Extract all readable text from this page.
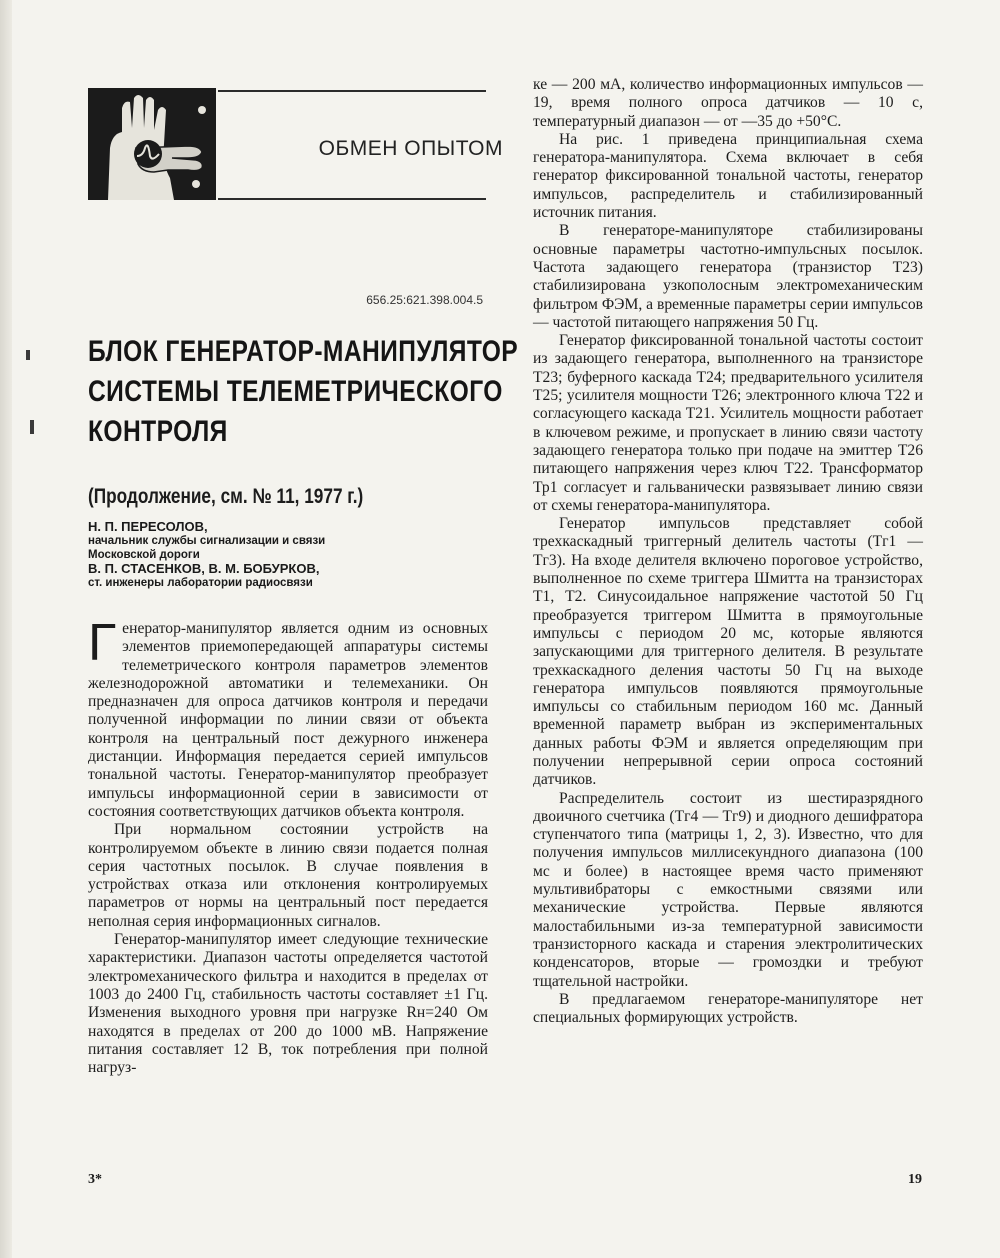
ОБМЕН ОПЫТОМ
656.25:621.398.004.5
БЛОК ГЕНЕРАТОР-МАНИПУЛЯТОР
СИСТЕМЫ ТЕЛЕМЕТРИЧЕСКОГО
КОНТРОЛЯ
(Продолжение, см. № 11, 1977 г.)
Н. П. ПЕРЕСОЛОВ,
начальник службы сигнализации и связи
Московской дороги
В. П. СТАСЕНКОВ, В. М. БОБУРКОВ,
ст. инженеры лаборатории радиосвязи

Генератор-манипулятор является одним из основных элементов приемопередающей аппаратуры системы телеметрического контроля параметров элементов железнодорожной автоматики и телемеханики. Он предназначен для опроса датчиков контроля и передачи полученной информации по линии связи от объекта контроля на центральный пост дежурного инженера дистанции. Информация передается серией импульсов тональной частоты. Генератор-манипулятор преобразует импульсы информационной серии в зависимости от состояния соответствующих датчиков объекта контроля.

При нормальном состоянии устройств на контролируемом объекте в линию связи подается полная серия частотных посылок. В случае появления в устройствах отказа или отклонения контролируемых параметров от нормы на центральный пост передается неполная серия информационных сигналов.

Генератор-манипулятор имеет следующие технические характеристики. Диапазон частоты определяется частотой электромеханического фильтра и находится в пределах от 1003 до 2400 Гц, стабильность частоты составляет ±1 Гц. Изменения выходного уровня при нагрузке Rн=240 Ом находятся в пределах от 200 до 1000 мВ. Напряжение питания составляет 12 В, ток потребления при полной нагруз-

ке — 200 мА, количество информационных импульсов — 19, время полного опроса датчиков — 10 с, температурный диапазон — от —35 до +50°С.

На рис. 1 приведена принципиальная схема генератора-манипулятора. Схема включает в себя генератор фиксированной тональной частоты, генератор импульсов, распределитель и стабилизированный источник питания.

В генераторе-манипуляторе стабилизированы основные параметры частотно-импульсных посылок. Частота задающего генератора (транзистор Т23) стабилизирована узкополосным электромеханическим фильтром ФЭМ, а временные параметры серии импульсов — частотой питающего напряжения 50 Гц.

Генератор фиксированной тональной частоты состоит из задающего генератора, выполненного на транзисторе Т23; буферного каскада Т24; предварительного усилителя Т25; усилителя мощности Т26; электронного ключа Т22 и согласующего каскада Т21. Усилитель мощности работает в ключевом режиме, и пропускает в линию связи частоту задающего генератора только при подаче на эмиттер Т26 питающего напряжения через ключ Т22. Трансформатор Тр1 согласует и гальванически развязывает линию связи от схемы генератора-манипулятора.

Генератор импульсов представляет собой трехкаскадный триггерный делитель частоты (Тг1 — Тг3). На входе делителя включено пороговое устройство, выполненное по схеме триггера Шмитта на транзисторах Т1, Т2. Синусоидальное напряжение частотой 50 Гц преобразуется триггером Шмитта в прямоугольные импульсы с периодом 20 мс, которые являются запускающими для триггерного делителя. В результате трехкаскадного деления частоты 50 Гц на выходе генератора импульсов появляются прямоугольные импульсы со стабильным периодом 160 мс. Данный временной параметр выбран из экспериментальных данных работы ФЭМ и является определяющим при получении непрерывной серии опроса состояний датчиков.

Распределитель состоит из шестиразрядного двоичного счетчика (Тг4 — Тг9) и диодного дешифратора ступенчатого типа (матрицы 1, 2, 3). Известно, что для получения импульсов миллисекундного диапазона (100 мс и более) в настоящее время часто применяют мультивибраторы с емкостными связями или механические устройства. Первые являются малостабильными из-за температурной зависимости транзисторного каскада и старения электролитических конденсаторов, вторые — громоздки и требуют тщательной настройки.

В предлагаемом генераторе-манипуляторе нет специальных формирующих устройств.

3*	19
